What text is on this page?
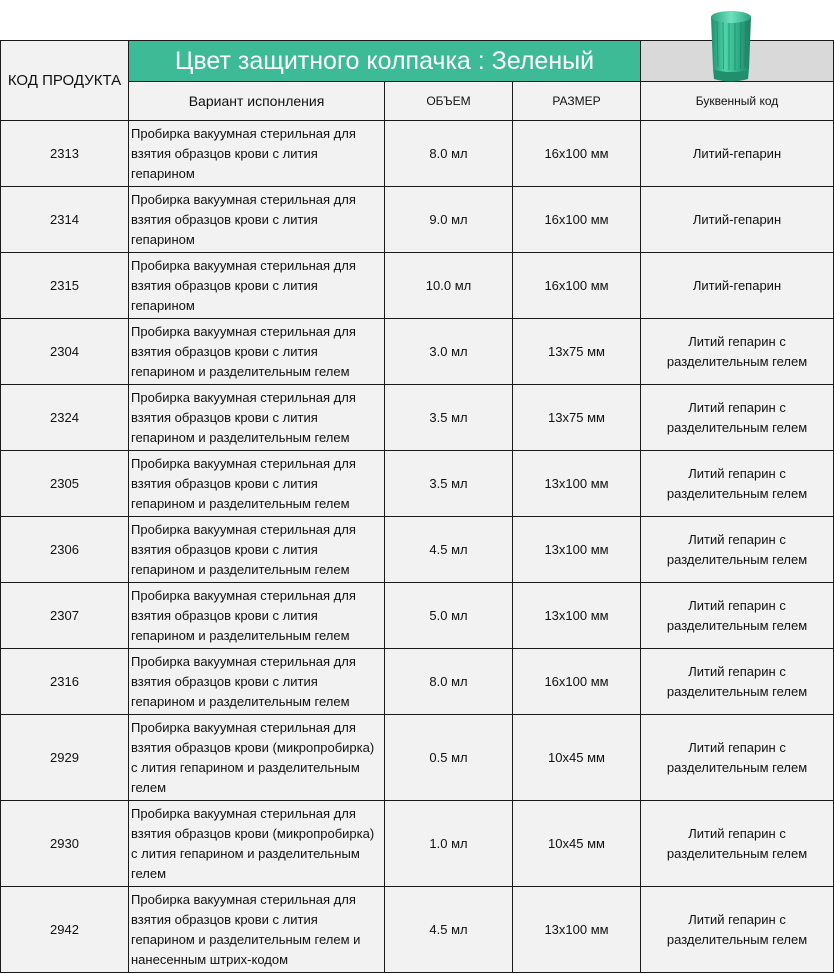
КОД ПРОДУКТА	Цвет защитного колпачка : Зеленый	

	Вариант испонления	ОБЪЕМ	РАЗМЕР	Буквенный код
2313	Пробирка вакуумная стерильная для взятия образцов крови с лития гепарином	8.0 мл	16x100 мм	Литий-гепарин
2314	Пробирка вакуумная стерильная для взятия образцов крови с лития гепарином	9.0 мл	16x100 мм	Литий-гепарин
2315	Пробирка вакуумная стерильная для взятия образцов крови с лития гепарином	10.0 мл	16x100 мм	Литий-гепарин
2304	Пробирка вакуумная стерильная для взятия образцов крови с лития гепарином и разделительным гелем	3.0 мл	13x75 мм	Литий гепарин с разделительным гелем
2324	Пробирка вакуумная стерильная для взятия образцов крови с лития гепарином и разделительным гелем	3.5 мл	13x75 мм	Литий гепарин с разделительным гелем
2305	Пробирка вакуумная стерильная для взятия образцов крови с лития гепарином и разделительным гелем	3.5 мл	13x100 мм	Литий гепарин с разделительным гелем
2306	Пробирка вакуумная стерильная для взятия образцов крови с лития гепарином и разделительным гелем	4.5 мл	13x100 мм	Литий гепарин с разделительным гелем
2307	Пробирка вакуумная стерильная для взятия образцов крови с лития гепарином и разделительным гелем	5.0 мл	13x100 мм	Литий гепарин с разделительным гелем
2316	Пробирка вакуумная стерильная для взятия образцов крови с лития гепарином и разделительным гелем	8.0 мл	16x100 мм	Литий гепарин с разделительным гелем
2929	Пробирка вакуумная стерильная для взятия образцов крови (микропробирка) с лития гепарином и разделительным гелем	0.5 мл	10x45 мм	Литий гепарин с разделительным гелем
2930	Пробирка вакуумная стерильная для взятия образцов крови (микропробирка) с лития гепарином и разделительным гелем	1.0 мл	10x45 мм	Литий гепарин с разделительным гелем
2942	Пробирка вакуумная стерильная для взятия образцов крови с лития гепарином и разделительным гелем и нанесенным штрих-кодом	4.5 мл	13x100 мм	Литий гепарин с разделительным гелем
